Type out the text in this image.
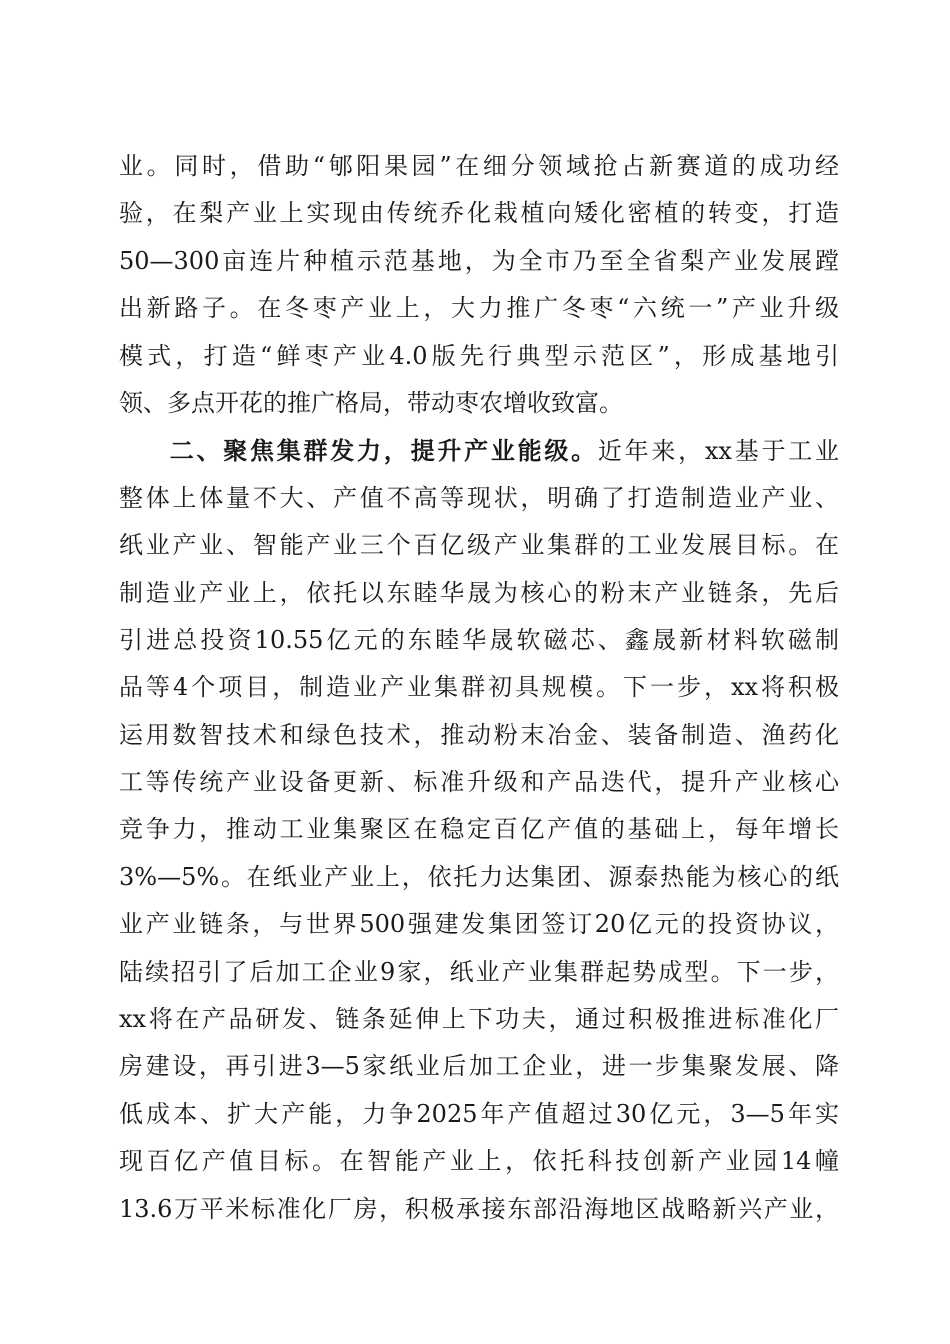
业。同时，借助“郇阳果园”在细分领域抢占新赛道的成功经
验，在梨产业上实现由传统乔化栽植向矮化密植的转变，打造
50—300亩连片种植示范基地，为全市乃至全省梨产业发展蹚
出新路子。在冬枣产业上，大力推广冬枣“六统一”产业升级
模式，打造“鲜枣产业4.0版先行典型示范区”，形成基地引
领、多点开花的推广格局，带动枣农增收致富。
二、聚焦集群发力，提升产业能级。近年来，xx基于工业
整体上体量不大、产值不高等现状，明确了打造制造业产业、
纸业产业、智能产业三个百亿级产业集群的工业发展目标。在
制造业产业上，依托以东睦华晟为核心的粉末产业链条，先后
引进总投资10.55亿元的东睦华晟软磁芯、鑫晟新材料软磁制
品等4个项目，制造业产业集群初具规模。下一步，xx将积极
运用数智技术和绿色技术，推动粉末冶金、装备制造、渔药化
工等传统产业设备更新、标准升级和产品迭代，提升产业核心
竞争力，推动工业集聚区在稳定百亿产值的基础上，每年增长
3%—5%。在纸业产业上，依托力达集团、源泰热能为核心的纸
业产业链条，与世界500强建发集团签订20亿元的投资协议，
陆续招引了后加工企业9家，纸业产业集群起势成型。下一步，
xx将在产品研发、链条延伸上下功夫，通过积极推进标准化厂
房建设，再引进3—5家纸业后加工企业，进一步集聚发展、降
低成本、扩大产能，力争2025年产值超过30亿元，3—5年实
现百亿产值目标。在智能产业上，依托科技创新产业园14幢
13.6万平米标准化厂房，积极承接东部沿海地区战略新兴产业，
